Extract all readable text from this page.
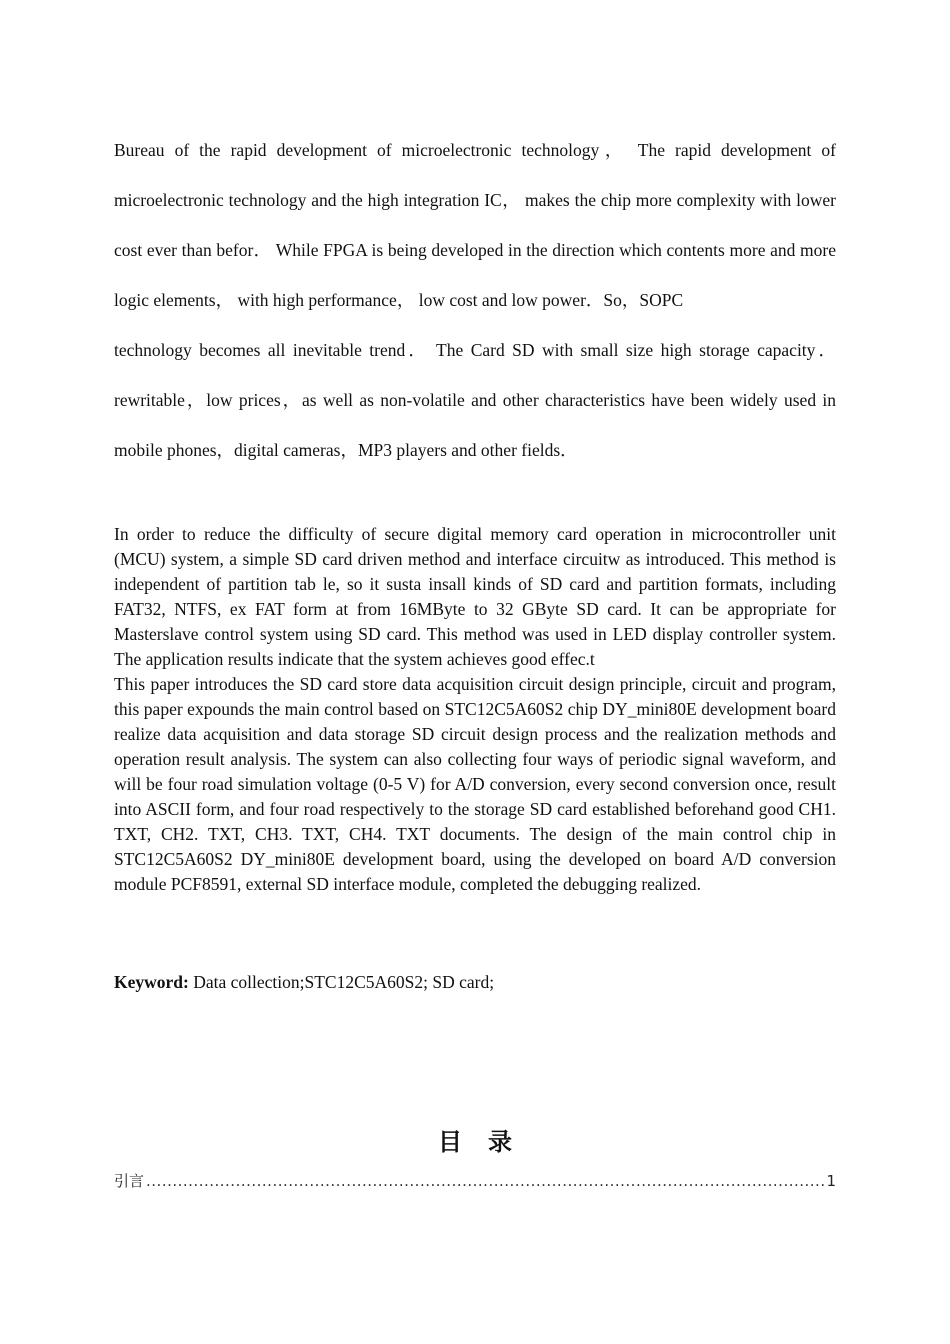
Bureau of the rapid development of microelectronic technology， The rapid development of microelectronic technology and the high integration IC， makes the chip more complexity with lower cost ever than befor． While FPGA is being developed in the direction which contents more and more logic elements， with high performance， low cost and low power．So，SOPC

technology becomes all inevitable trend． The Card SD with small size high storage capacity．rewritable，low prices，as well as non-volatile and other characteristics have been widely used in mobile phones，digital cameras，MP3 players and other fields．

In order to reduce the difficulty of secure digital memory card operation in microcontroller unit (MCU) system, a simple SD card driven method and interface circuitw as introduced. This method is independent of partition tab le, so it susta insall kinds of SD card and partition formats, including FAT32, NTFS, ex FAT form at from 16MByte to 32 GByte SD card. It can be appropriate for Masterslave control system using SD card. This method was used in LED display controller system. The application results indicate that the system achieves good effec.t

This paper introduces the SD card store data acquisition circuit design principle, circuit and program, this paper expounds the main control based on STC12C5A60S2 chip DY_mini80E development board realize data acquisition and data storage SD circuit design process and the realization methods and operation result analysis. The system can also collecting four ways of periodic signal waveform, and will be four road simulation voltage (0-5 V) for A/D conversion, every second conversion once, result into ASCII form, and four road respectively to the storage SD card established beforehand good CH1. TXT, CH2. TXT, CH3. TXT, CH4. TXT documents. The design of the main control chip in STC12C5A60S2 DY_mini80E development board, using the developed on board A/D conversion module PCF8591, external SD interface module, completed the debugging realized.

Keyword: Data collection;STC12C5A60S2; SD card;
目录
引言
.....	1
